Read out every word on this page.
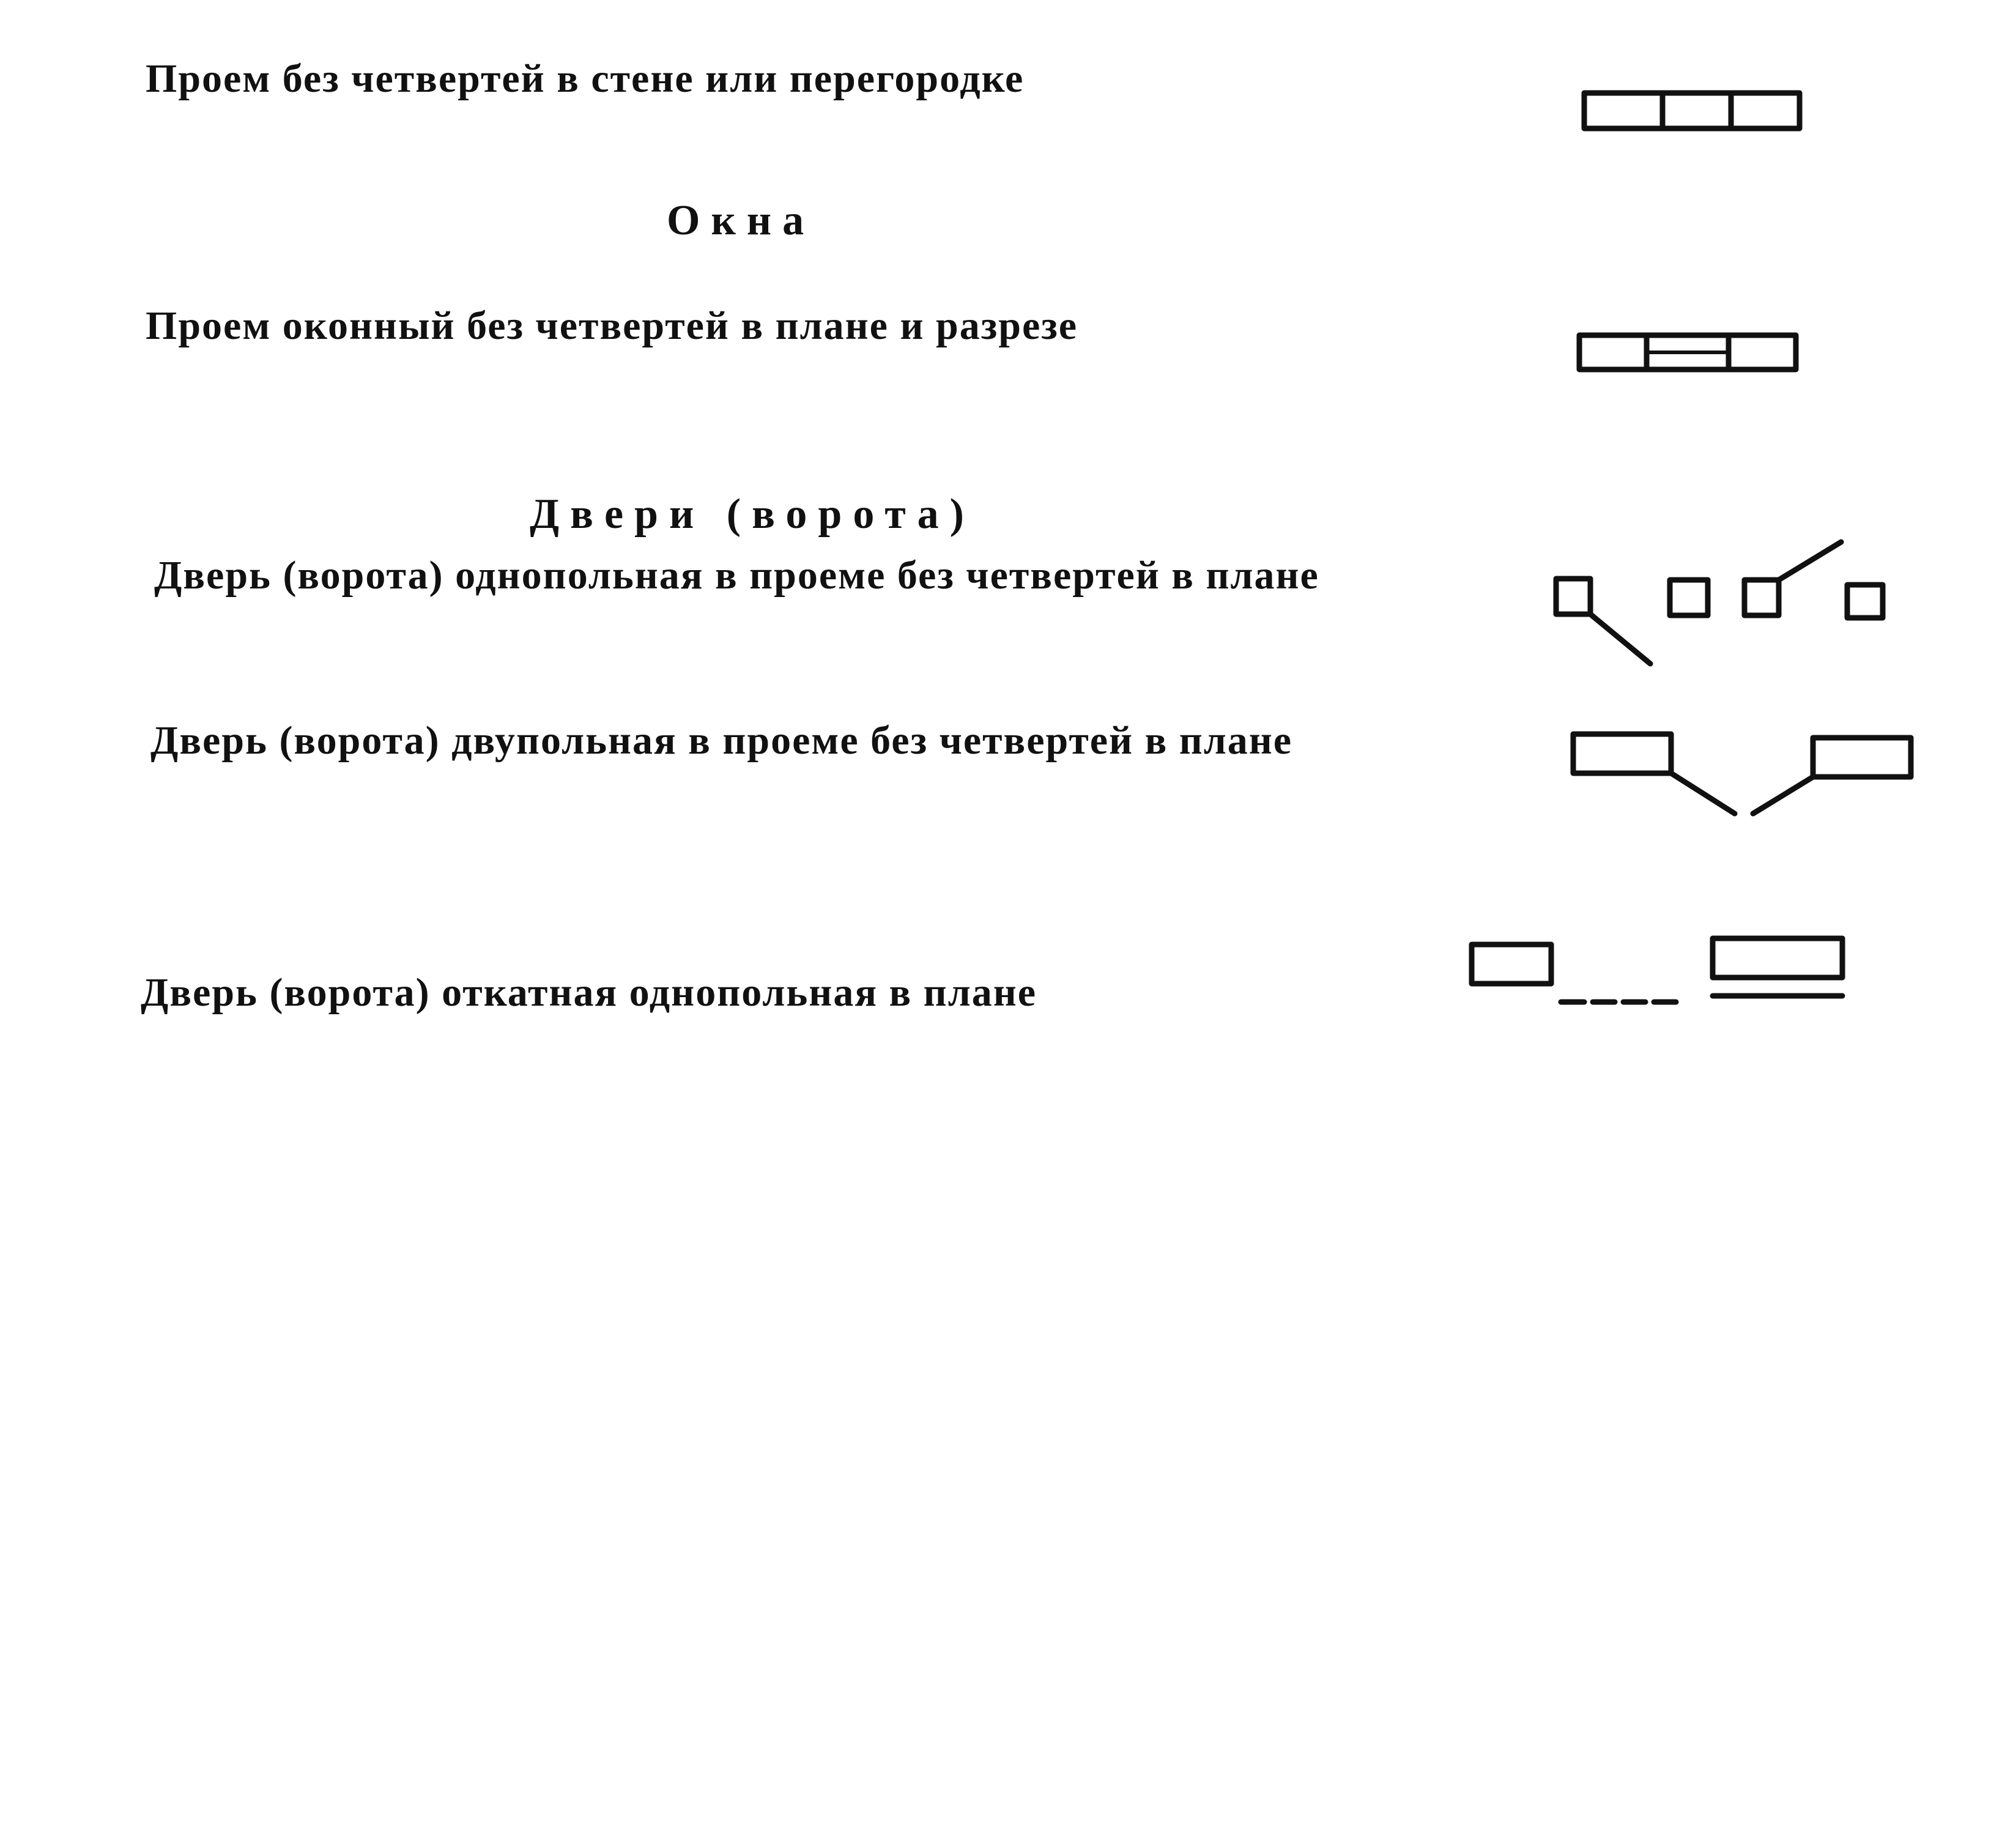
Проем без четвертей в стене или перегородке
Окна
Проем оконный без четвертей в плане и разрезе
Двери (ворота)
Дверь (ворота) однопольная в проеме без четвертей в плане
Дверь (ворота) двупольная в проеме без четвертей в плане
Дверь (ворота) откатная однопольная в плане
